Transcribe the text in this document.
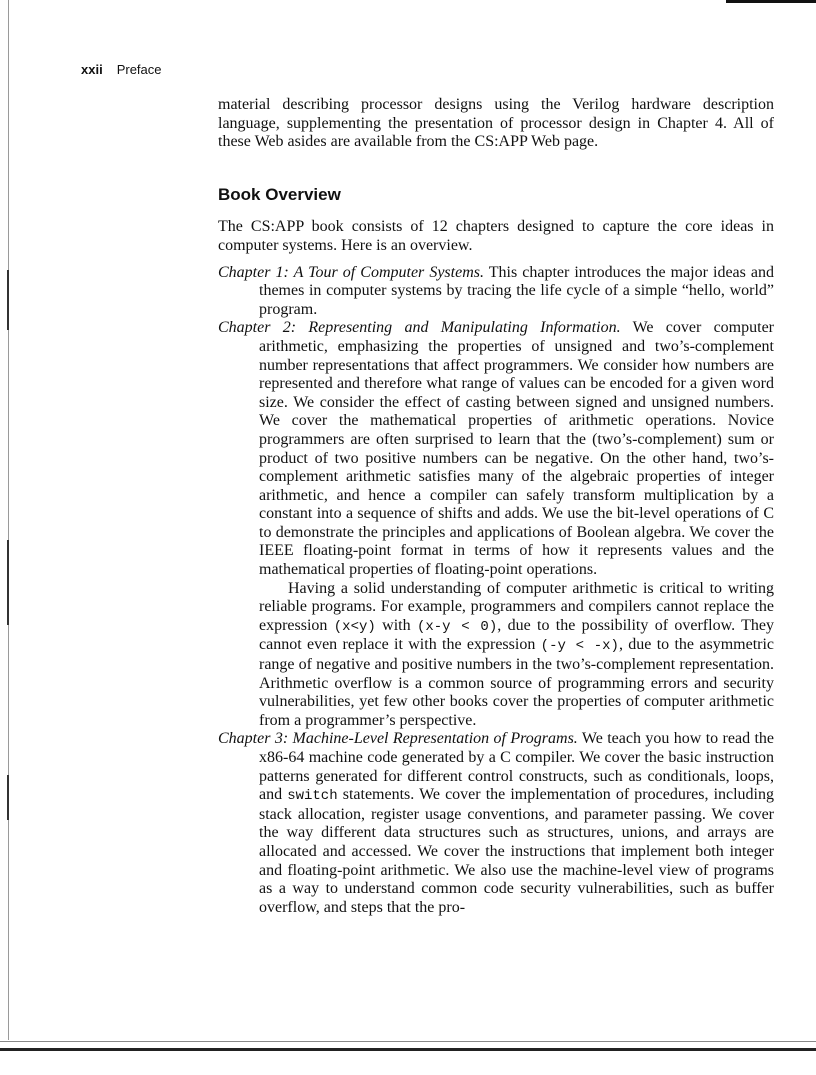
xxii Preface

material describing processor designs using the Verilog hardware description language, supplementing the presentation of processor design in Chapter 4. All of these Web asides are available from the CS:APP Web page.

Book Overview

The CS:APP book consists of 12 chapters designed to capture the core ideas in computer systems. Here is an overview.

Chapter 1: A Tour of Computer Systems. This chapter introduces the major ideas and themes in computer systems by tracing the life cycle of a simple “hello, world” program.

Chapter 2: Representing and Manipulating Information. We cover computer arithmetic, emphasizing the properties of unsigned and two’s-complement number representations that affect programmers. We consider how numbers are represented and therefore what range of values can be encoded for a given word size. We consider the effect of casting between signed and unsigned numbers. We cover the mathematical properties of arithmetic operations. Novice programmers are often surprised to learn that the (two’s-complement) sum or product of two positive numbers can be negative. On the other hand, two’s-complement arithmetic satisfies many of the algebraic properties of integer arithmetic, and hence a compiler can safely transform multiplication by a constant into a sequence of shifts and adds. We use the bit-level operations of C to demonstrate the principles and applications of Boolean algebra. We cover the IEEE floating-point format in terms of how it represents values and the mathematical properties of floating-point operations.

Having a solid understanding of computer arithmetic is critical to writing reliable programs. For example, programmers and compilers cannot replace the expression (x<y) with (x-y < 0), due to the possibility of overflow. They cannot even replace it with the expression (-y < -x), due to the asymmetric range of negative and positive numbers in the two’s-complement representation. Arithmetic overflow is a common source of programming errors and security vulnerabilities, yet few other books cover the properties of computer arithmetic from a programmer’s perspective.

Chapter 3: Machine-Level Representation of Programs. We teach you how to read the x86-64 machine code generated by a C compiler. We cover the basic instruction patterns generated for different control constructs, such as conditionals, loops, and switch statements. We cover the implementation of procedures, including stack allocation, register usage conventions, and parameter passing. We cover the way different data structures such as structures, unions, and arrays are allocated and accessed. We cover the instructions that implement both integer and floating-point arithmetic. We also use the machine-level view of programs as a way to understand common code security vulnerabilities, such as buffer overflow, and steps that the pro-
